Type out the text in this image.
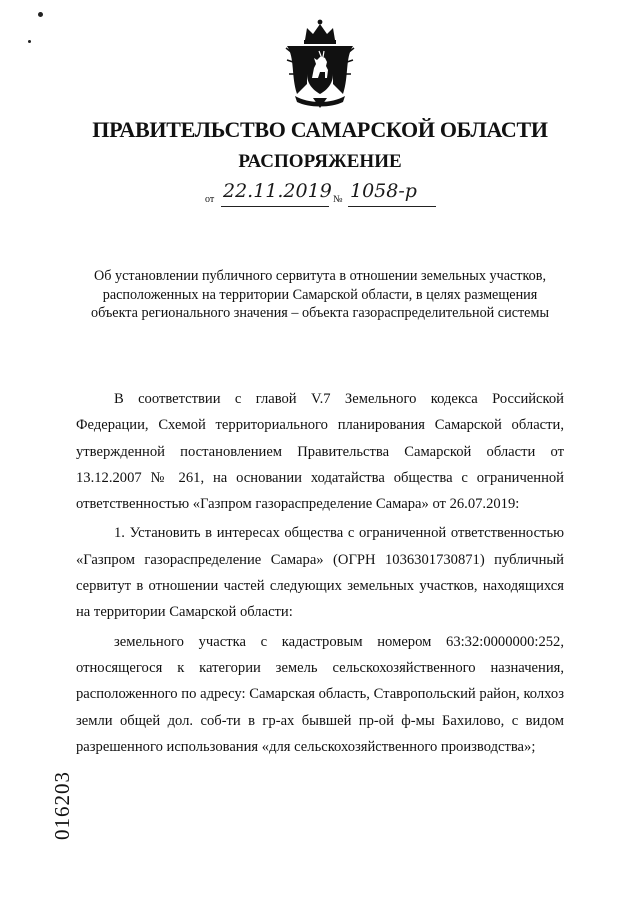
ПРАВИТЕЛЬСТВО САМАРСКОЙ ОБЛАСТИ
РАСПОРЯЖЕНИЕ
от 22.11.2019 № 1058-р
Об установлении публичного сервитута в отношении земельных участков, расположенных на территории Самарской области, в целях размещения объекта регионального значения – объекта газораспределительной системы

В соответствии с главой V.7 Земельного кодекса Российской Федерации, Схемой территориального планирования Самарской области, утвержденной постановлением Правительства Самарской области от 13.12.2007 № 261, на основании ходатайства общества с ограниченной ответственностью «Газпром газораспределение Самара» от 26.07.2019:

1. Установить в интересах общества с ограниченной ответственностью «Газпром газораспределение Самара» (ОГРН 1036301730871) публичный сервитут в отношении частей следующих земельных участков, находящихся на территории Самарской области:

земельного участка с кадастровым номером 63:32:0000000:252, относящегося к категории земель сельскохозяйственного назначения, расположенного по адресу: Самарская область, Ставропольский район, колхоз земли общей дол. соб-ти в гр-ах бывшей пр-ой ф-мы Бахилово, с видом разрешенного использования «для сельскохозяйственного производства»;

016203
